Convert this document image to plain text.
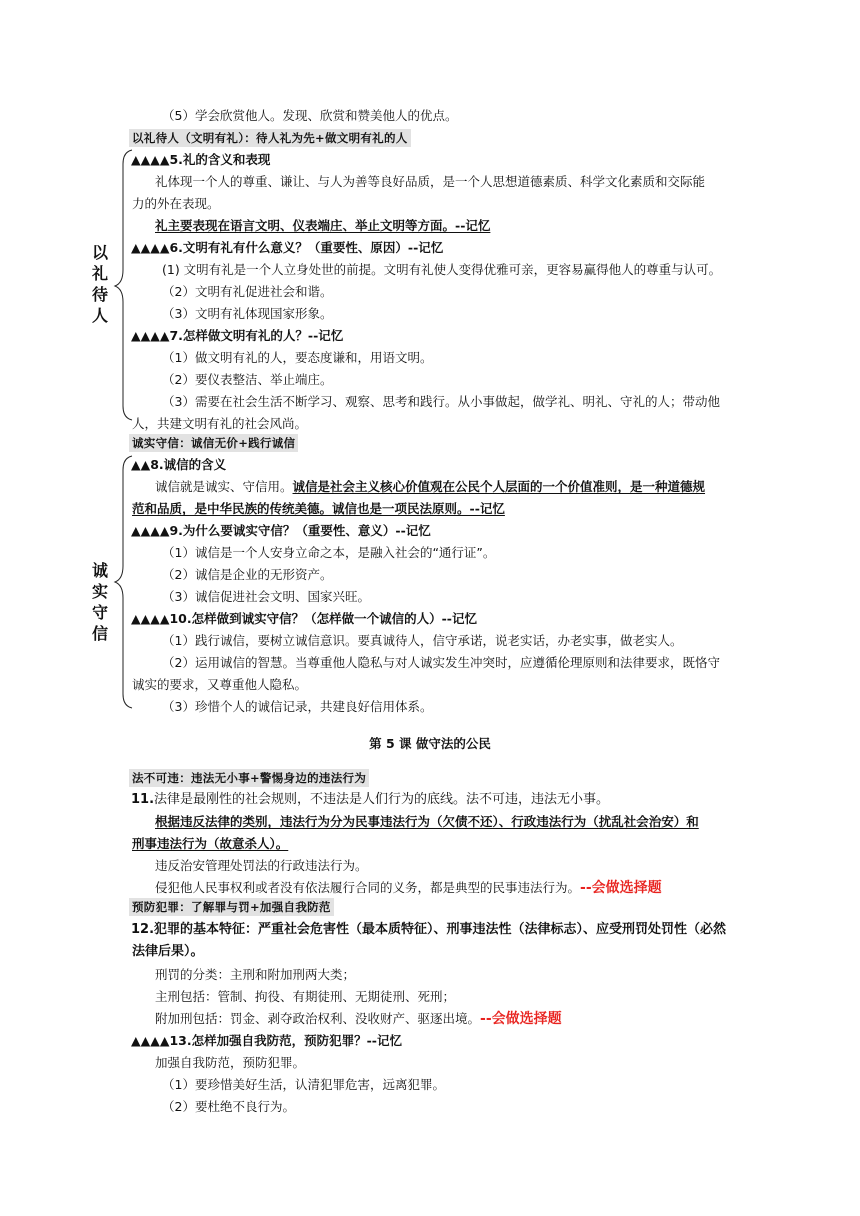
（5）学会欣赏他人。发现、欣赏和赞美他人的优点。
以礼待人（文明有礼）：待人礼为先+做文明有礼的人
以
礼
待
人
▲▲▲▲5.礼的含义和表现
礼体现一个人的尊重、谦让、与人为善等良好品质，是一个人思想道德素质、科学文化素质和交际能
力的外在表现。
礼主要表现在语言文明、仪表端庄、举止文明等方面。--记忆
▲▲▲▲6.文明有礼有什么意义？（重要性、原因）--记忆
(1) 文明有礼是一个人立身处世的前提。文明有礼使人变得优雅可亲，更容易赢得他人的尊重与认可。
（2）文明有礼促进社会和谐。
（3）文明有礼体现国家形象。
▲▲▲▲7.怎样做文明有礼的人？--记忆
（1）做文明有礼的人，要态度谦和，用语文明。
（2）要仪表整洁、举止端庄。
（3）需要在社会生活不断学习、观察、思考和践行。从小事做起，做学礼、明礼、守礼的人；带动他
人，共建文明有礼的社会风尚。
诚实守信：诚信无价+践行诚信
诚
实
守
信
▲▲8.诚信的含义
诚信就是诚实、守信用。诚信是社会主义核心价值观在公民个人层面的一个价值准则，是一种道德规
范和品质，是中华民族的传统美德。诚信也是一项民法原则。--记忆
▲▲▲▲9.为什么要诚实守信？（重要性、意义）--记忆
（1）诚信是一个人安身立命之本，是融入社会的“通行证”。
（2）诚信是企业的无形资产。
（3）诚信促进社会文明、国家兴旺。
▲▲▲▲10.怎样做到诚实守信？（怎样做一个诚信的人）--记忆
（1）践行诚信，要树立诚信意识。要真诚待人，信守承诺，说老实话，办老实事，做老实人。
（2）运用诚信的智慧。当尊重他人隐私与对人诚实发生冲突时，应遵循伦理原则和法律要求，既恪守
诚实的要求，又尊重他人隐私。
（3）珍惜个人的诚信记录，共建良好信用体系。
第 5 课 做守法的公民
法不可违：违法无小事+警惕身边的违法行为
11.法律是最刚性的社会规则，不违法是人们行为的底线。法不可违，违法无小事。
根据违反法律的类别，违法行为分为民事违法行为（欠债不还）、行政违法行为（扰乱社会治安）和
刑事违法行为（故意杀人）。
违反治安管理处罚法的行政违法行为。
侵犯他人民事权利或者没有依法履行合同的义务，都是典型的民事违法行为。--会做选择题
预防犯罪：了解罪与罚+加强自我防范
12.犯罪的基本特征：严重社会危害性（最本质特征）、刑事违法性（法律标志）、应受刑罚处罚性（必然
法律后果）。
刑罚的分类：主刑和附加刑两大类；
主刑包括：管制、拘役、有期徒刑、无期徒刑、死刑；
附加刑包括：罚金、剥夺政治权利、没收财产、驱逐出境。--会做选择题
▲▲▲▲13.怎样加强自我防范，预防犯罪？--记忆
加强自我防范，预防犯罪。
（1）要珍惜美好生活，认清犯罪危害，远离犯罪。
（2）要杜绝不良行为。
